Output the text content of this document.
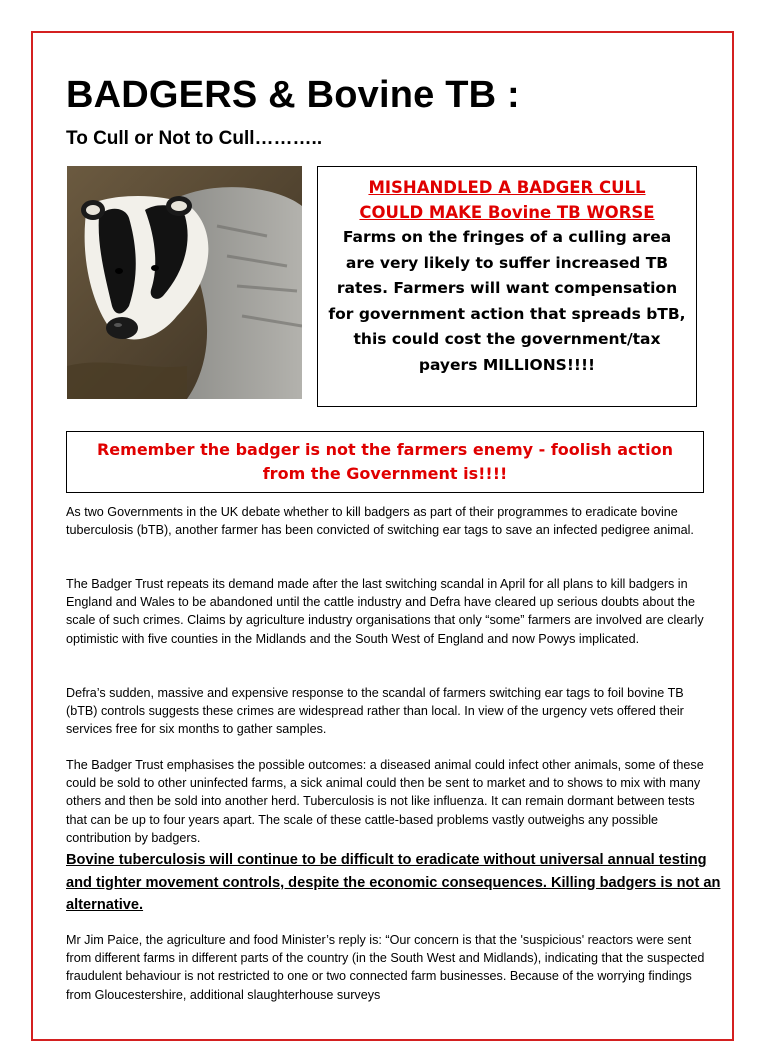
BADGERS & Bovine TB :
To Cull or Not to Cull………..
MISHANDLED A BADGER CULL
COULD MAKE Bovine TB WORSE
Farms on the fringes of a culling area are very likely to suffer increased TB rates. Farmers will want compensation for government action that spreads bTB, this could cost the government/tax payers MILLIONS!!!!
Remember the badger is not the farmers enemy - foolish action from the Government is!!!!

As two Governments in the UK debate whether to kill badgers as part of their programmes to eradicate bovine tuberculosis (bTB), another farmer has been convicted of switching ear tags to save an infected pedigree animal.

The Badger Trust repeats its demand made after the last switching scandal in April for all plans to kill badgers in England and Wales to be abandoned until the cattle industry and Defra have cleared up serious doubts about the scale of such crimes. Claims by agriculture industry organisations that only “some” farmers are involved are clearly optimistic with five counties in the Midlands and the South West of England and now Powys implicated.

Defra’s sudden, massive and expensive response to the scandal of farmers switching ear tags to foil bovine TB (bTB) controls suggests these crimes are widespread rather than local. In view of the urgency vets offered their services free for six months to gather samples.

The Badger Trust emphasises the possible outcomes: a diseased animal could infect other animals, some of these could be sold to other uninfected farms, a sick animal could then be sent to market and to shows to mix with many others and then be sold into another herd. Tuberculosis is not like influenza. It can remain dormant between tests that can be up to four years apart. The scale of these cattle-based problems vastly outweighs any possible contribution by badgers.

Bovine tuberculosis will continue to be difficult to eradicate without universal annual testing and tighter movement controls, despite the economic consequences. Killing badgers is not an alternative.

Mr Jim Paice, the agriculture and food Minister’s reply is: “Our concern is that the 'suspicious' reactors were sent from different farms in different parts of the country (in the South West and Midlands), indicating that the suspected fraudulent behaviour is not restricted to one or two connected farm businesses. Because of the worrying findings from Gloucestershire, additional slaughterhouse surveys
